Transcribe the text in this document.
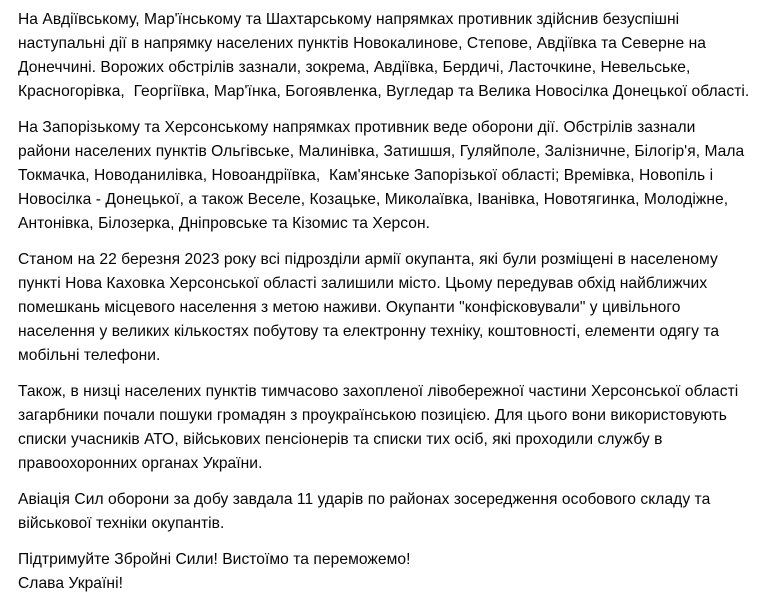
На Авдіївському, Мар'їнському та Шахтарському напрямках противник здійснив безуспішні наступальні дії в напрямку населених пунктів Новокалинове, Степове, Авдіївка та Северне на Донеччині. Ворожих обстрілів зазнали, зокрема, Авдіївка, Бердичі, Ласточкине, Невельське, Красногорівка,  Георгіївка, Мар'їнка, Богоявленка, Вугледар та Велика Новосілка Донецької області.

На Запорізькому та Херсонському напрямках противник веде оборони дії. Обстрілів зазнали райони населених пунктів Ольгівське, Малинівка, Затишшя, Гуляйполе, Залізничне, Білогір'я, Мала Токмачка, Новоданилівка, Новоандріївка,  Кам'янське Запорізької області; Времівка, Новопіль і Новосілка - Донецької, а також Веселе, Козацьке, Миколаївка, Іванівка, Новотягинка, Молодіжне, Антонівка, Білозерка, Дніпровське та Кізомис та Херсон.

Станом на 22 березня 2023 року всі підрозділи армії окупанта, які були розміщені в населеному пункті Нова Каховка Херсонської області залишили місто. Цьому передував обхід найближчих помешкань місцевого населення з метою наживи. Окупанти "конфісковували" у цивільного населення у великих кількостях побутову та електронну техніку, коштовності, елементи одягу та мобільні телефони.

Також, в низці населених пунктів тимчасово захопленої лівобережної частини Херсонської області загарбники почали пошуки громадян з проукраїнською позицією. Для цього вони використовують списки учасників АТО, військових пенсіонерів та списки тих осіб, які проходили службу в правоохоронних органах України.

Авіація Сил оборони за добу завдала 11 ударів по районах зосередження особового складу та військової техніки окупантів.

Підтримуйте Збройні Сили! Вистоїмо та переможемо!
Слава Україні!
